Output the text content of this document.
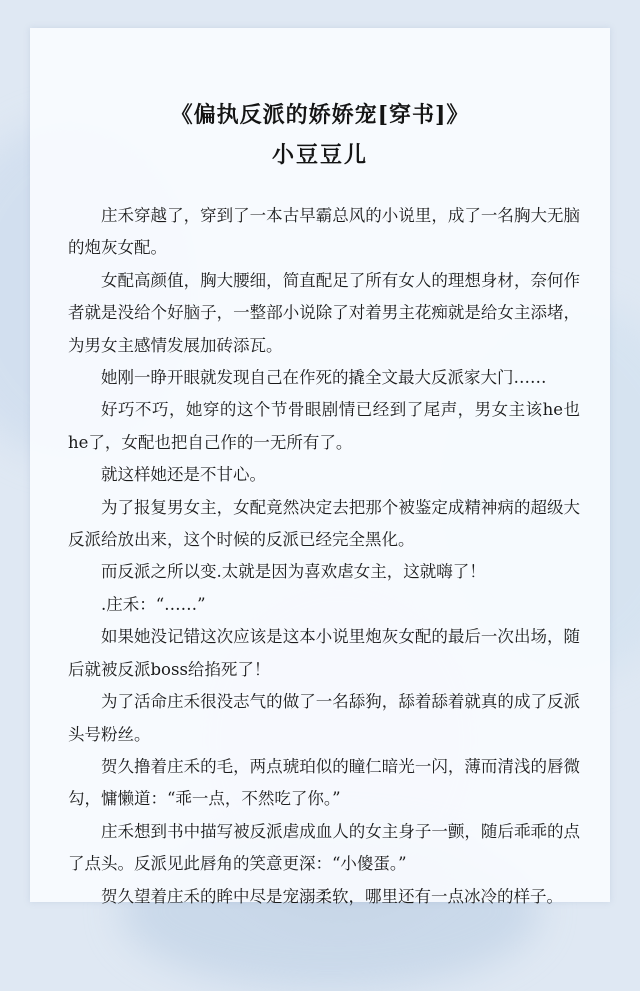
《偏执反派的娇娇宠[穿书]》
小豆豆儿

庄禾穿越了，穿到了一本古早霸总风的小说里，成了一名胸大无脑的炮灰女配。

女配高颜值，胸大腰细，简直配足了所有女人的理想身材，奈何作者就是没给个好脑子，一整部小说除了对着男主花痴就是给女主添堵，为男女主感情发展加砖添瓦。

她刚一睁开眼就发现自己在作死的撬全文最大反派家大门……

好巧不巧，她穿的这个节骨眼剧情已经到了尾声，男女主该he也he了，女配也把自己作的一无所有了。

就这样她还是不甘心。

为了报复男女主，女配竟然决定去把那个被鉴定成精神病的超级大反派给放出来，这个时候的反派已经完全黑化。

而反派之所以变.太就是因为喜欢虐女主，这就嗨了！

.庄禾：“……”

如果她没记错这次应该是这本小说里炮灰女配的最后一次出场，随后就被反派boss给掐死了！

为了活命庄禾很没志气的做了一名舔狗，舔着舔着就真的成了反派头号粉丝。

贺久撸着庄禾的毛，两点琥珀似的瞳仁暗光一闪，薄而清浅的唇微勾，慵懒道：“乖一点，不然吃了你。”

庄禾想到书中描写被反派虐成血人的女主身子一颤，随后乖乖的点了点头。反派见此唇角的笑意更深：“小傻蛋。”

贺久望着庄禾的眸中尽是宠溺柔软，哪里还有一点冰冷的样子。
